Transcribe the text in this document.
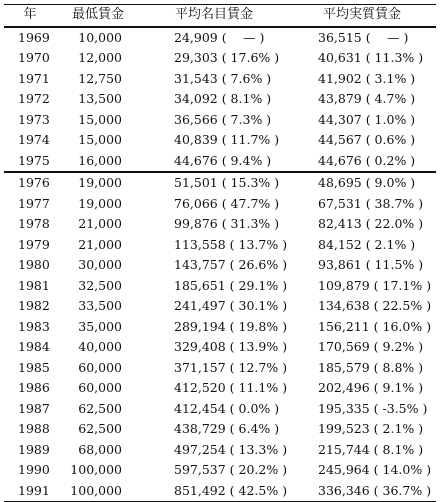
年	最低賃金	平均名目賃金	平均実質賃金
1969	10,000	24,909 (　 — )	36,515 (　 — )
1970	12,000	29,303 ( 17.6% )	40,631 ( 11.3% )
1971	12,750	31,543 ( 7.6% )	41,902 ( 3.1% )
1972	13,500	34,092 ( 8.1% )	43,879 ( 4.7% )
1973	15,000	36,566 ( 7.3% )	44,307 ( 1.0% )
1974	15,000	40,839 ( 11.7% )	44,567 ( 0.6% )
1975	16,000	44,676 ( 9.4% )	44,676 ( 0.2% )
1976	19,000	51,501 ( 15.3% )	48,695 ( 9.0% )
1977	19,000	76,066 ( 47.7% )	67,531 ( 38.7% )
1978	21,000	99,876 ( 31.3% )	82,413 ( 22.0% )
1979	21,000	113,558 ( 13.7% )	84,152 ( 2.1% )
1980	30,000	143,757 ( 26.6% )	93,861 ( 11.5% )
1981	32,500	185,651 ( 29.1% )	109,879 ( 17.1% )
1982	33,500	241,497 ( 30.1% )	134,638 ( 22.5% )
1983	35,000	289,194 ( 19.8% )	156,211 ( 16.0% )
1984	40,000	329,408 ( 13.9% )	170,569 ( 9.2% )
1985	60,000	371,157 ( 12.7% )	185,579 ( 8.8% )
1986	60,000	412,520 ( 11.1% )	202,496 ( 9.1% )
1987	62,500	412,454 ( 0.0% )	195,335 ( -3.5% )
1988	62,500	438,729 ( 6.4% )	199,523 ( 2.1% )
1989	68,000	497,254 ( 13.3% )	215,744 ( 8.1% )
1990	100,000	597,537 ( 20.2% )	245,964 ( 14.0% )
1991	100,000	851,492 ( 42.5% )	336,346 ( 36.7% )
